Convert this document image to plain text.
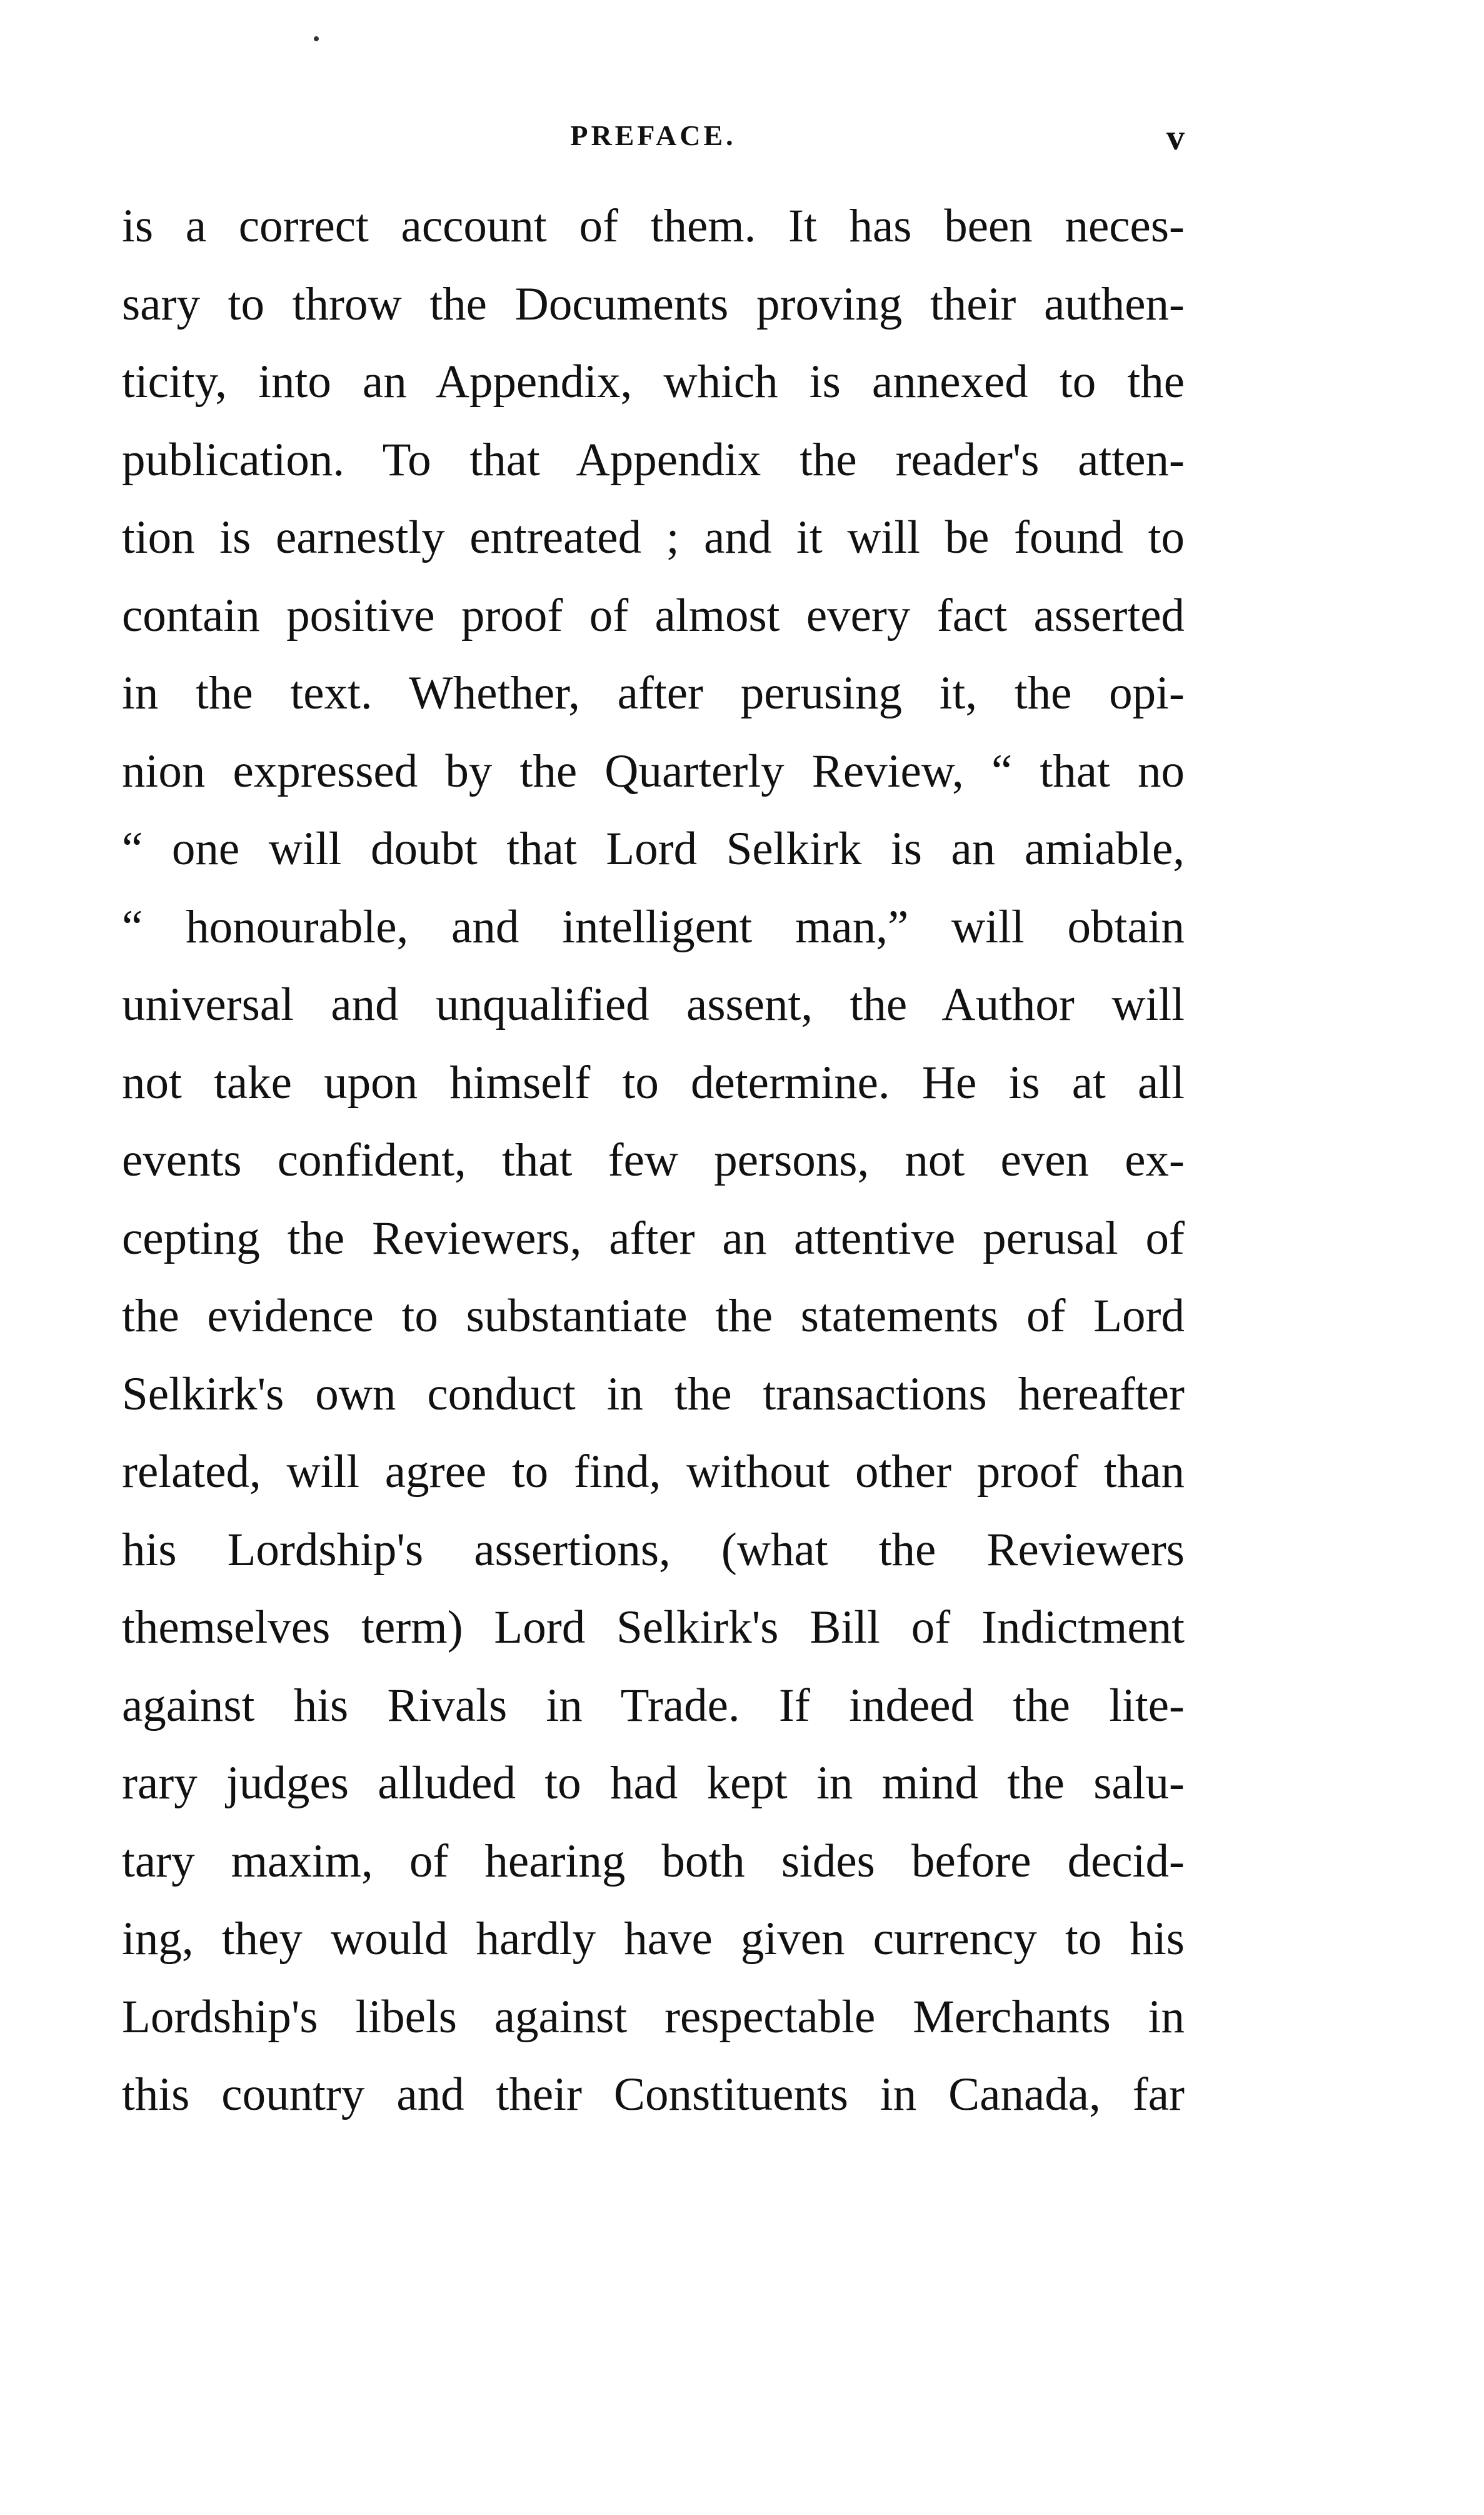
PREFACE.	v
is a correct account of them. It has been neces-
sary to throw the Documents proving their authen-
ticity, into an Appendix, which is annexed to the
publication. To that Appendix the reader's atten-
tion is earnestly entreated ; and it will be found to
contain positive proof of almost every fact asserted
in the text. Whether, after perusing it, the opi-
nion expressed by the Quarterly Review, “ that no
“ one will doubt that Lord Selkirk is an amiable,
“ honourable, and intelligent man,” will obtain
universal and unqualified assent, the Author will
not take upon himself to determine. He is at all
events confident, that few persons, not even ex-
cepting the Reviewers, after an attentive perusal of
the evidence to substantiate the statements of Lord
Selkirk's own conduct in the transactions hereafter
related, will agree to find, without other proof than
his Lordship's assertions, (what the Reviewers
themselves term) Lord Selkirk's Bill of Indictment
against his Rivals in Trade. If indeed the lite-
rary judges alluded to had kept in mind the salu-
tary maxim, of hearing both sides before decid-
ing, they would hardly have given currency to his
Lordship's libels against respectable Merchants in
this country and their Constituents in Canada, far
